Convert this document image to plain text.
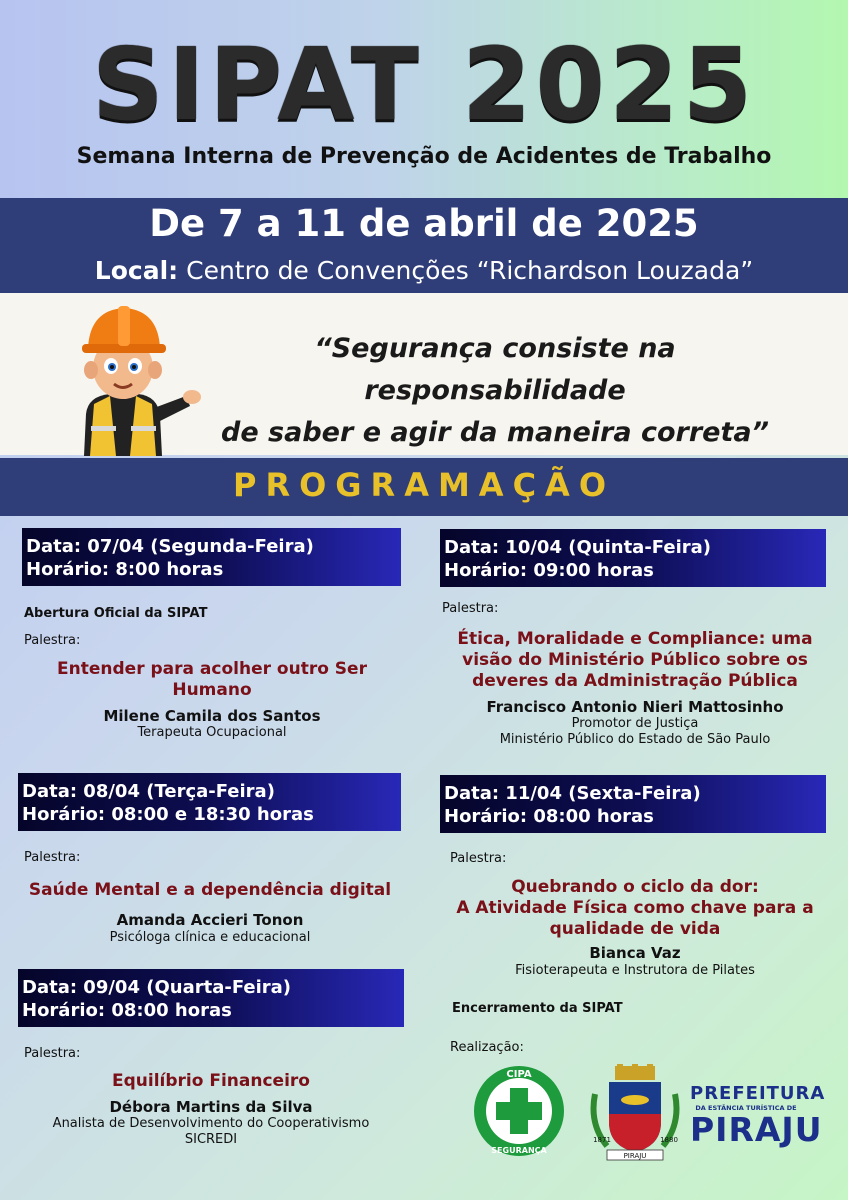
SIPAT 2025
Semana Interna de Prevenção de Acidentes de Trabalho
De 7 a 11 de abril de 2025
Local: Centro de Convenções “Richardson Louzada”
“Segurança consiste na responsabilidade
de saber e agir da maneira correta”
PROGRAMAÇÃO
Data: 07/04 (Segunda-Feira)
Horário: 8:00 horas
Abertura Oficial da SIPAT
Palestra:
Entender para acolher outro Ser
Humano
Milene Camila dos Santos
Terapeuta Ocupacional
Data: 08/04 (Terça-Feira)
Horário: 08:00 e 18:30 horas
Palestra:
Saúde Mental e a dependência digital
Amanda Accieri Tonon
Psicóloga clínica e educacional
Data: 09/04 (Quarta-Feira)
Horário: 08:00 horas
Palestra:
Equilíbrio Financeiro
Débora Martins da Silva
Analista de Desenvolvimento do Cooperativismo
SICREDI
Data: 10/04 (Quinta-Feira)
Horário: 09:00 horas
Palestra:
Ética, Moralidade e Compliance: uma
visão do Ministério Público sobre os
deveres da Administração Pública
Francisco Antonio Nieri Mattosinho
Promotor de Justiça
Ministério Público do Estado de São Paulo
Data: 11/04 (Sexta-Feira)
Horário: 08:00 horas
Palestra:
Quebrando o ciclo da dor:
A Atividade Física como chave para a
qualidade de vida
Bianca Vaz
Fisioterapeuta e Instrutora de Pilates
Encerramento da SIPAT
Realização:
CIPA
SEGURANÇA
1871	1880
PIRAJU
PREFEITURA
DA ESTÂNCIA TURÍSTICA DE
PIRAJU
